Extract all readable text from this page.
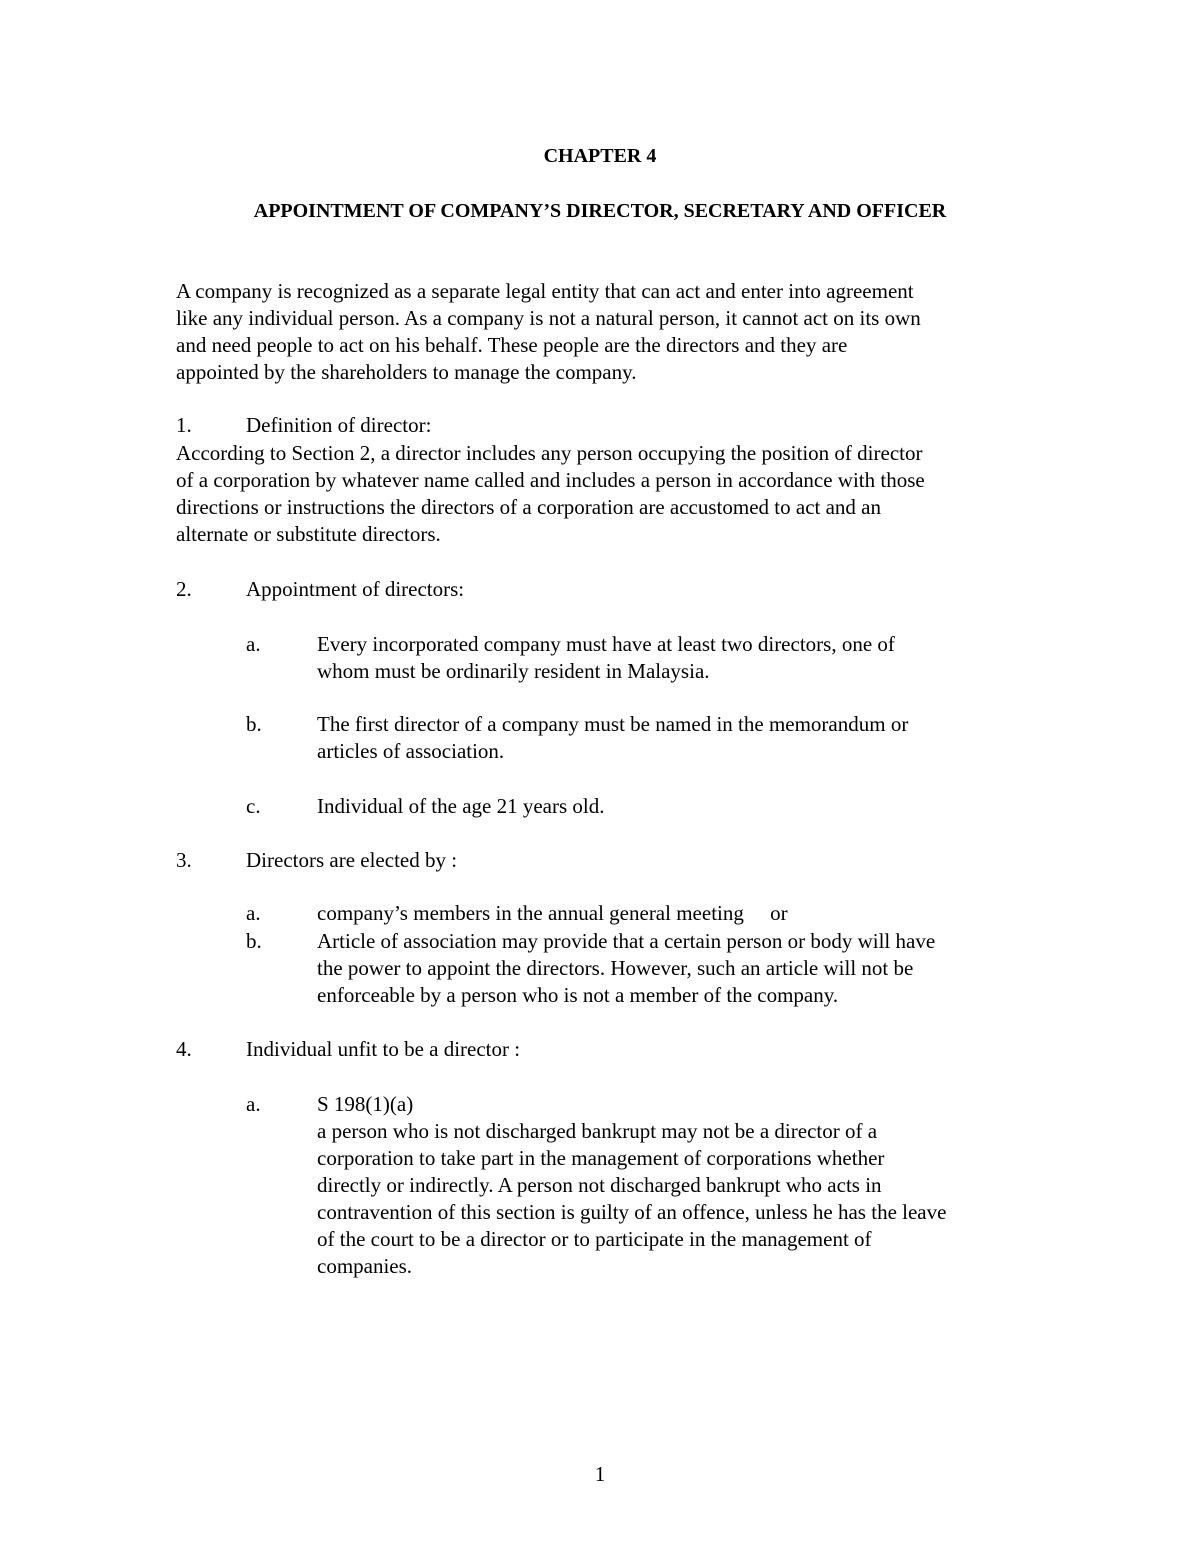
CHAPTER 4
APPOINTMENT OF COMPANY’S DIRECTOR, SECRETARY AND OFFICER

A company is recognized as a separate legal entity that can act and enter into agreement

like any individual person. As a company is not a natural person, it cannot act on its own

and need people to act on his behalf. These people are the directors and they are

appointed by the shareholders to manage the company.

1.	Definition of director:

According to Section 2, a director includes any person occupying the position of director

of a corporation by whatever name called and includes a person in accordance with those

directions or instructions the directors of a corporation are accustomed to act and an

alternate or substitute directors.

2.	Appointment of directors:
a.	Every incorporated company must have at least two directors, one of
whom must be ordinarily resident in Malaysia.
b.	The first director of a company must be named in the memorandum or
articles of association.
c.	Individual of the age 21 years old.
3.	Directors are elected by :
a.	company’s members in the annual general meeting     or
b.	Article of association may provide that a certain person or body will have
the power to appoint the directors. However, such an article will not be
enforceable by a person who is not a member of the company.
4.	Individual unfit to be a director :
a.	S 198(1)(a)
a person who is not discharged bankrupt may not be a director of a
corporation to take part in the management of corporations whether
directly or indirectly. A person not discharged bankrupt who acts in
contravention of this section is guilty of an offence, unless he has the leave
of the court to be a director or to participate in the management of
companies.
1
